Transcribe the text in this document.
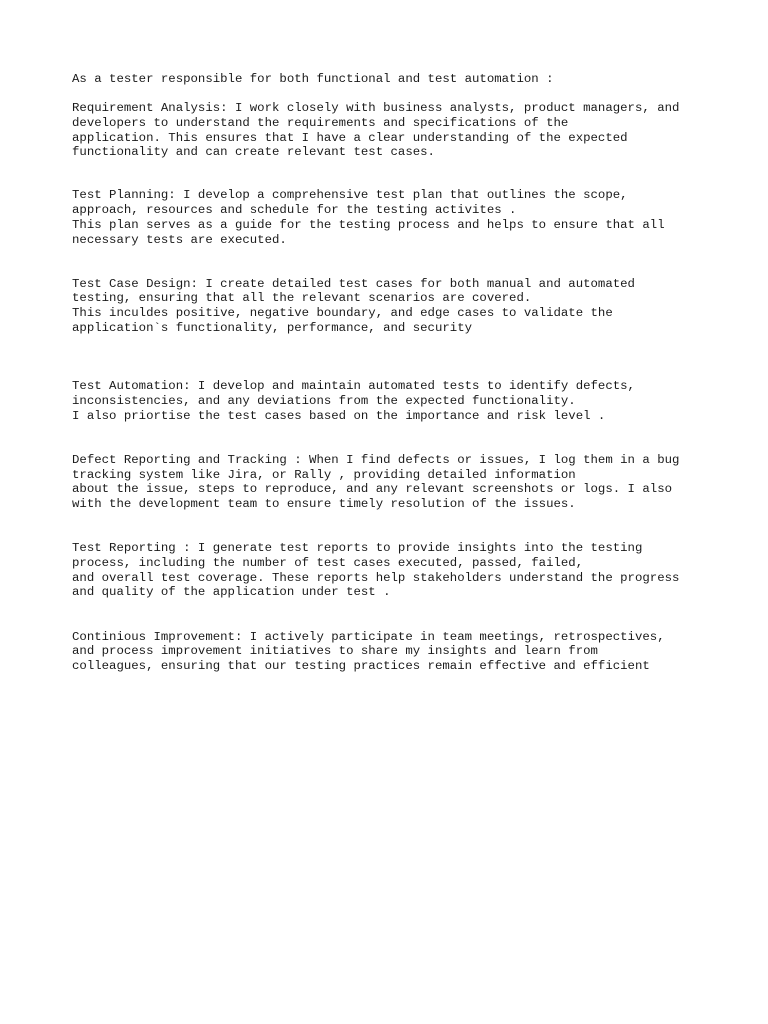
As a tester responsible for both functional and test automation :
Requirement Analysis: I work closely with business analysts, product managers, and
developers to understand the requirements and specifications of the
application. This ensures that I have a clear understanding of the expected
functionality and can create relevant test cases.
Test Planning: I develop a comprehensive test plan that outlines the scope,
approach, resources and schedule for the testing activites .
This plan serves as a guide for the testing process and helps to ensure that all
necessary tests are executed.
Test Case Design: I create detailed test cases for both manual and automated
testing, ensuring that all the relevant scenarios are covered.
This inculdes positive, negative boundary, and edge cases to validate the
application`s functionality, performance, and security
Test Automation: I develop and maintain automated tests to identify defects,
inconsistencies, and any deviations from the expected functionality.
I also priortise the test cases based on the importance and risk level .
Defect Reporting and Tracking : When I find defects or issues, I log them in a bug
tracking system like Jira, or Rally , providing detailed information
about the issue, steps to reproduce, and any relevant screenshots or logs. I also
with the development team to ensure timely resolution of the issues.
Test Reporting : I generate test reports to provide insights into the testing
process, including the number of test cases executed, passed, failed,
and overall test coverage. These reports help stakeholders understand the progress
and quality of the application under test .
Continious Improvement: I actively participate in team meetings, retrospectives,
and process improvement initiatives to share my insights and learn from
colleagues, ensuring that our testing practices remain effective and efficient
